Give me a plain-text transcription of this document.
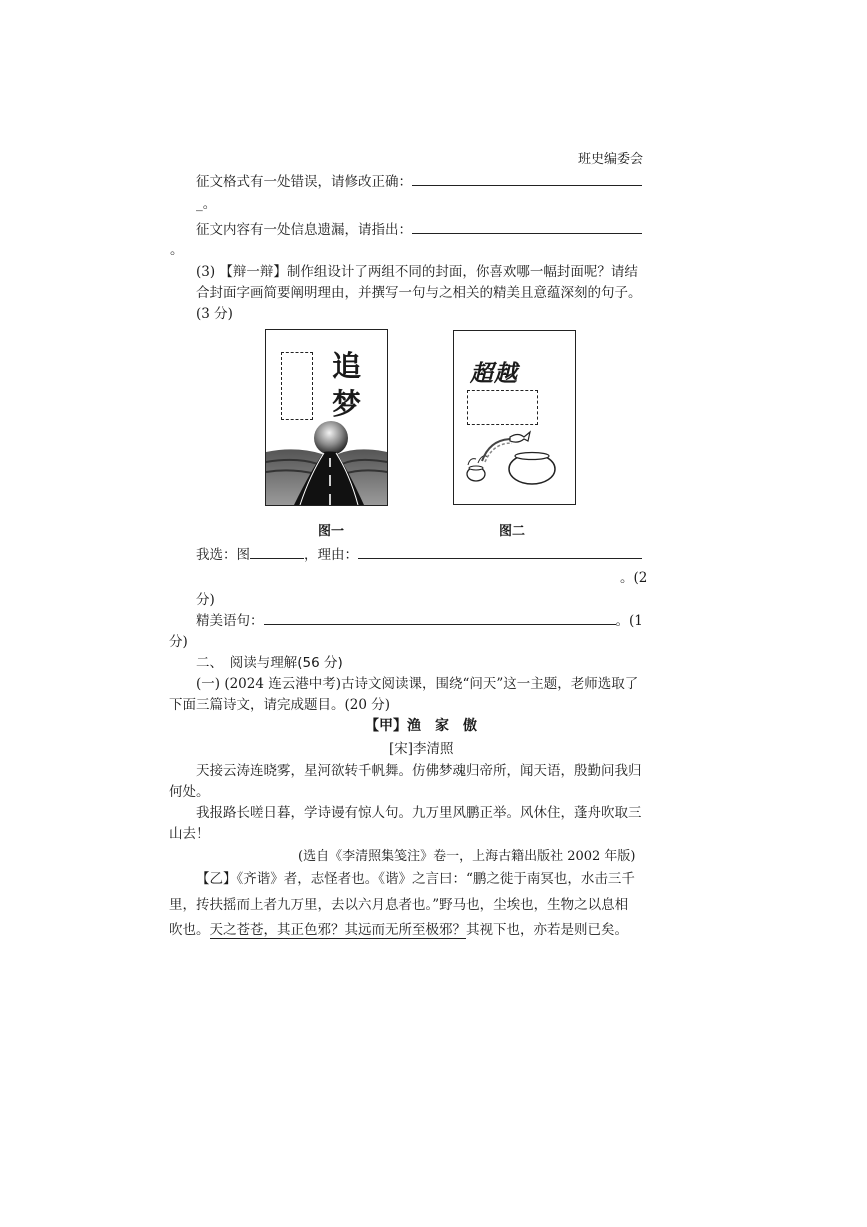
班史编委会
征文格式有一处错误，请修改正确：
_。
征文内容有一处信息遗漏，请指出：
。
(3) 【辩一辩】制作组设计了两组不同的封面，你喜欢哪一幅封面呢？请结
合封面字画简要阐明理由，并撰写一句与之相关的精美且意蕴深刻的句子。
(3 分)
追
梦
图一
超越
图二
我选：图	，理由：
。(2
分)
精美语句：	。(1
分)
二、　阅读与理解(56 分)
(一) (2024 连云港中考)古诗文阅读课，围绕“问天”这一主题，老师选取了
下面三篇诗文，请完成题目。(20 分)
【甲】渔　家　傲
[宋]李清照
天接云涛连晓雾，星河欲转千帆舞。仿佛梦魂归帝所，闻天语，殷勤问我归
何处。
我报路长嗟日暮，学诗谩有惊人句。九万里风鹏正举。风休住，蓬舟吹取三
山去！
(选自《李清照集笺注》卷一，上海古籍出版社 2002 年版)
【乙】《齐谐》者，志怪者也。《谐》之言曰：“鹏之徙于南冥也，水击三千
里，抟扶摇而上者九万里，去以六月息者也。”野马也，尘埃也，生物之以息相
吹也。天之苍苍，其正色邪？其远而无所至极邪？其视下也，亦若是则已矣。
